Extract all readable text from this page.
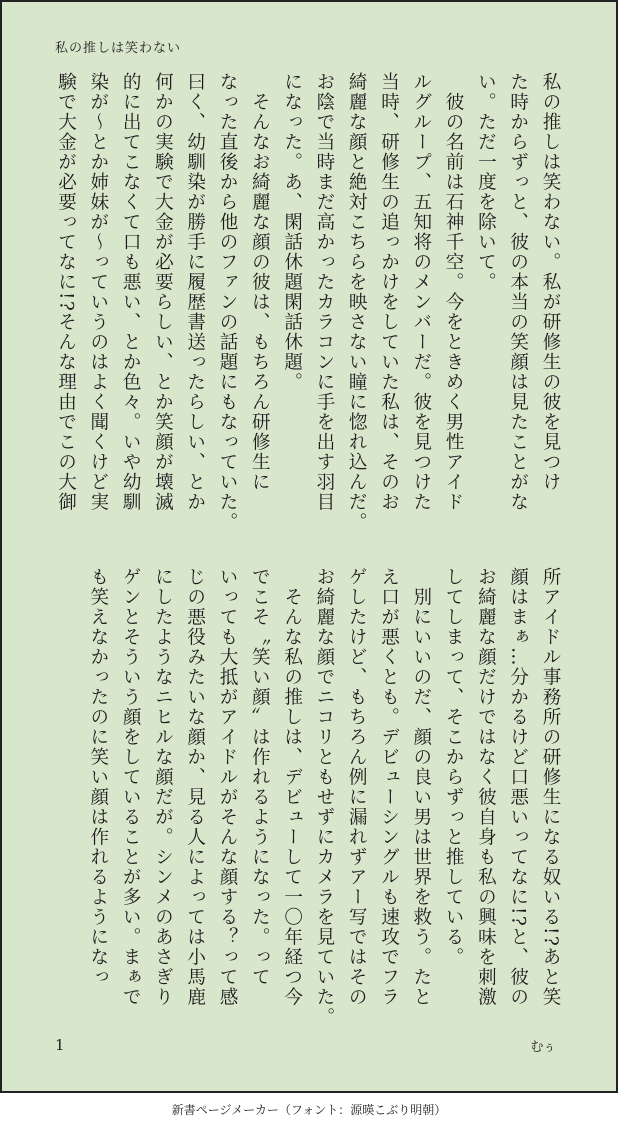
私の推しは笑わない
私の推しは笑わない。私が研修生の彼を見つけ
た時からずっと、彼の本当の笑顔は見たことがな
い。ただ一度を除いて。
　彼の名前は石神千空。今をときめく男性アイド
ルグループ、五知将のメンバーだ。彼を見つけた
当時、研修生の追っかけをしていた私は、そのお
綺麗な顔と絶対こちらを映さない瞳に惚れ込んだ。
お陰で当時まだ高かったカラコンに手を出す羽目
になった。あ、閑話休題閑話休題。
　そんなお綺麗な顔の彼は、もちろん研修生に
なった直後から他のファンの話題にもなっていた。
曰く、幼馴染が勝手に履歴書送ったらしい、とか
何かの実験で大金が必要らしい、とか笑顔が壊滅
的に出てこなくて口も悪い、とか色々。いや幼馴
染が〜とか姉妹が〜っていうのはよく聞くけど実
験で大金が必要ってなに!?そんな理由でこの大御
所アイドル事務所の研修生になる奴いる!?あと笑
顔はまぁ…分かるけど口悪いってなに!?と、彼の
お綺麗な顔だけではなく彼自身も私の興味を刺激
してしまって、そこからずっと推している。
　別にいいのだ、顔の良い男は世界を救う。たと
え口が悪くとも。デビューシングルも速攻でフラ
ゲしたけど、もちろん例に漏れずアー写ではその
お綺麗な顔でニコリともせずにカメラを見ていた。
　そんな私の推しは、デビューして一〇年経つ今
でこそ〝笑い顔〟は作れるようになった。って
いっても大抵がアイドルがそんな顔する？って感
じの悪役みたいな顔か、見る人によっては小馬鹿
にしたようなニヒルな顔だが。シンメのあさぎり
ゲンとそういう顔をしていることが多い。まぁで
も笑えなかったのに笑い顔は作れるようになっ
1	むぅ
新書ページメーカー（フォント：源暎こぶり明朝）
